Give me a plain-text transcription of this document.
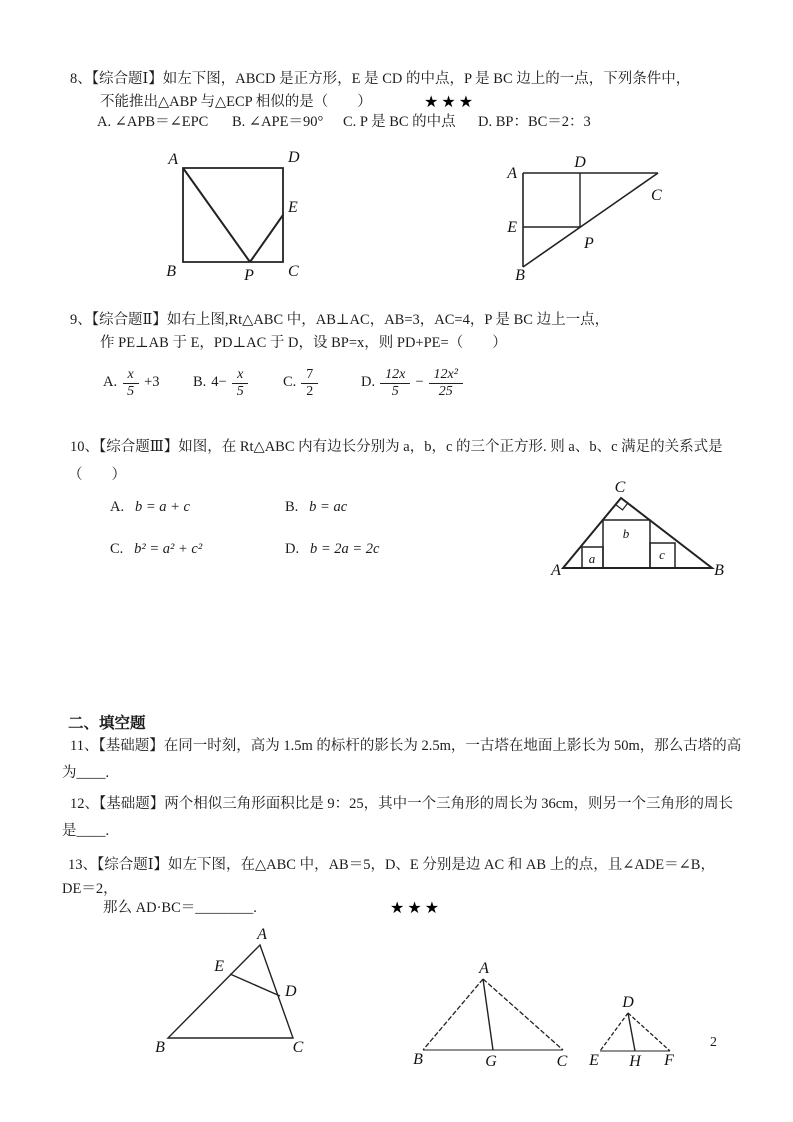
8、【综合题Ⅰ】如左下图，ABCD 是正方形，E 是 CD 的中点，P 是 BC 边上的一点，下列条件中，
不能推出△ABP 与△ECP 相似的是（　　）	★★★
A. ∠APB＝∠EPC B. ∠APE＝90° C. P 是 BC 的中点 D. BP：BC＝2：3
A	D
B	C
E
P
A
D
C
E
P
B
9、【综合题Ⅱ】如右上图,Rt△ABC 中，AB⊥AC，AB=3，AC=4，P 是 BC 边上一点，
作 PE⊥AB 于 E，PD⊥AC 于 D，设 BP=x，则 PD+PE=（　　）
A. $\frac{x}{5} +3$ B. $4- \frac{x}{5} C$. $\frac{7}{2}$	D. $\frac{12x}{5} - \frac{\text{12x²}}{25}$
10、【综合题Ⅲ】如图，在 Rt△ABC 内有边长分别为 a，b，c 的三个正方形. 则 a、b、c 满足的关系式是
（　　）
A. b = a + c	B. b = ac
C. b² = a² + c²	D. b = 2a = 2c
a
b
c
C
A	B
二、填空题
11、【基础题】在同一时刻，高为 1.5m 的标杆的影长为 2.5m，一古塔在地面上影长为 50m，那么古塔的高
为____.
12、【基础题】两个相似三角形面积比是 9：25，其中一个三角形的周长为 36cm，则另一个三角形的周长
是____.
13、【综合题Ⅰ】如左下图，在△ABC 中，AB＝5，D、E 分别是边 AC 和 AB 上的点，且∠ADE＝∠B，
DE＝2，
那么 AD·BC＝________.	★★★
A
E
D
B	C
A
B	G	C
D
E H F
2
